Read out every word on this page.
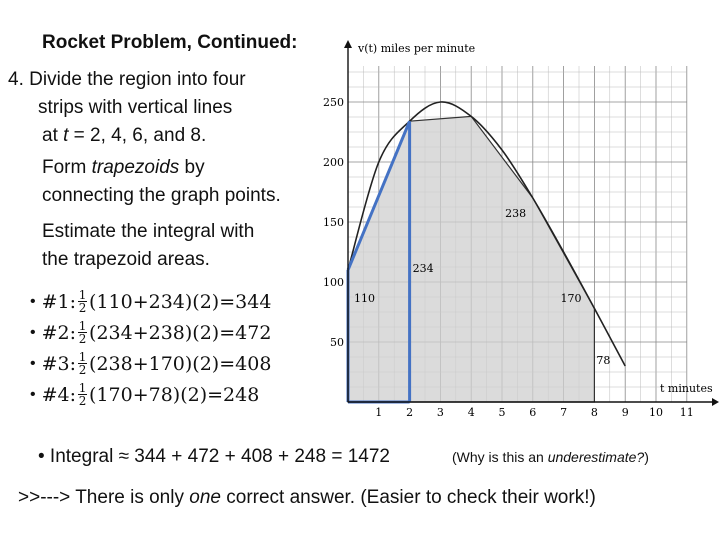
Rocket Problem, Continued:
4. Divide the region into four
strips with vertical lines
at t = 2, 4, 6, and 8.
Form trapezoids by
connecting the graph points.
Estimate the integral with
the trapezoid areas.
• #1: $\frac{1}{2} (110+234)(2)=344$
• #2: $\frac{1}{2} (234+238)(2)=472$
• #3: $\frac{1}{2} (238+170)(2)=408$
• #4: $\frac{1}{2} (170+78)(2)=248$
1 2 3 4 5 6 7 8 9 10 11
50
100
150
200
250
110
234
238
170
78
v(t) miles per minute
t minutes
• Integral ≈ 344 + 472 + 408 + 248 = 1472	(Why is this an underestimate?)
>>---> There is only one correct answer. (Easier to check their work!)
